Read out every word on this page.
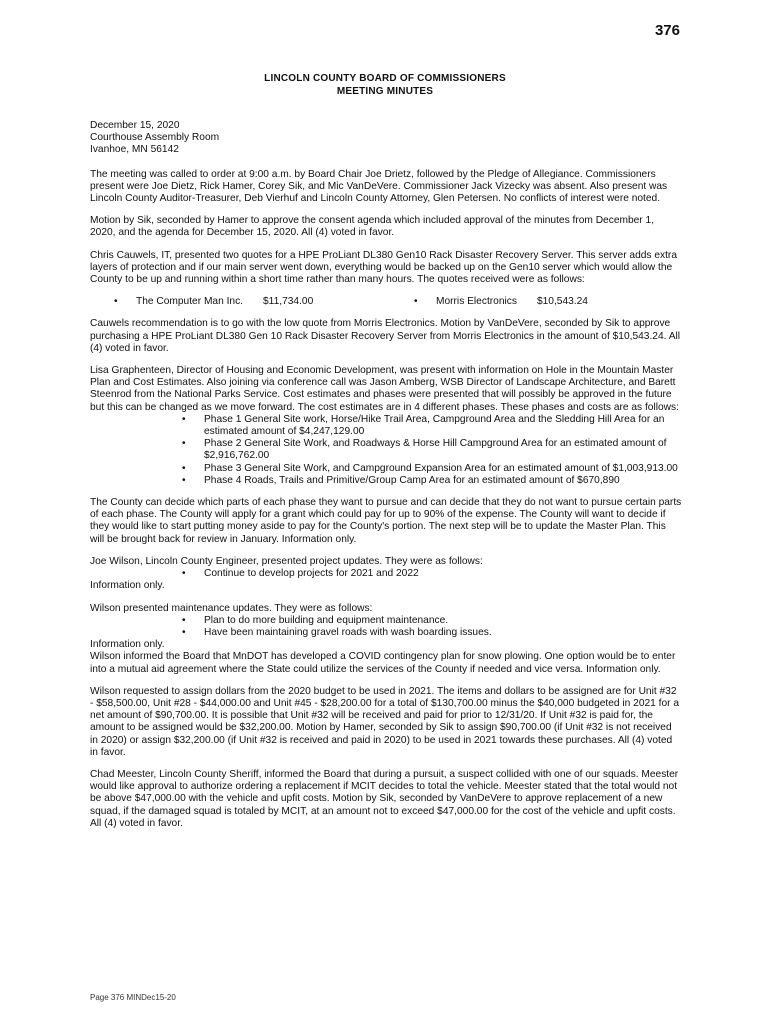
376
LINCOLN COUNTY BOARD OF COMMISSIONERS
MEETING MINUTES

December 15, 2020

Courthouse Assembly Room

Ivanhoe, MN 56142

The meeting was called to order at 9:00 a.m. by Board Chair Joe Drietz, followed by the Pledge of Allegiance. Commissioners present were Joe Dietz, Rick Hamer, Corey Sik, and Mic VanDeVere. Commissioner Jack Vizecky was absent. Also present was Lincoln County Auditor-Treasurer, Deb Vierhuf and Lincoln County Attorney, Glen Petersen. No conflicts of interest were noted.

Motion by Sik, seconded by Hamer to approve the consent agenda which included approval of the minutes from December 1, 2020, and the agenda for December 15, 2020. All (4) voted in favor.

Chris Cauwels, IT, presented two quotes for a HPE ProLiant DL380 Gen10 Rack Disaster Recovery Server. This server adds extra layers of protection and if our main server went down, everything would be backed up on the Gen10 server which would allow the County to be up and running within a short time rather than many hours. The quotes received were as follows:

•	The Computer Man Inc. $11,734.00	•	Morris Electronics $10,543.24

Cauwels recommendation is to go with the low quote from Morris Electronics. Motion by VanDeVere, seconded by Sik to approve purchasing a HPE ProLiant DL380 Gen 10 Rack Disaster Recovery Server from Morris Electronics in the amount of $10,543.24. All (4) voted in favor.

Lisa Graphenteen, Director of Housing and Economic Development, was present with information on Hole in the Mountain Master Plan and Cost Estimates. Also joining via conference call was Jason Amberg, WSB Director of Landscape Architecture, and Barett Steenrod from the National Parks Service. Cost estimates and phases were presented that will possibly be approved in the future but this can be changed as we move forward. The cost estimates are in 4 different phases. These phases and costs are as follows:

• Phase 1 General Site work, Horse/Hike Trail Area, Campground Area and the Sledding Hill Area for an estimated amount of $4,247,129.00
• Phase 2 General Site Work, and Roadways & Horse Hill Campground Area for an estimated amount of $2,916,762.00
• Phase 3 General Site Work, and Campground Expansion Area for an estimated amount of $1,003,913.00
• Phase 4 Roads, Trails and Primitive/Group Camp Area for an estimated amount of $670,890

The County can decide which parts of each phase they want to pursue and can decide that they do not want to pursue certain parts of each phase. The County will apply for a grant which could pay for up to 90% of the expense. The County will want to decide if they would like to start putting money aside to pay for the County's portion. The next step will be to update the Master Plan. This will be brought back for review in January. Information only.

Joe Wilson, Lincoln County Engineer, presented project updates. They were as follows:

• Continue to develop projects for 2021 and 2022

Information only.

Wilson presented maintenance updates. They were as follows:

• Plan to do more building and equipment maintenance.
• Have been maintaining gravel roads with wash boarding issues.

Information only.

Wilson informed the Board that MnDOT has developed a COVID contingency plan for snow plowing. One option would be to enter into a mutual aid agreement where the State could utilize the services of the County if needed and vice versa. Information only.

Wilson requested to assign dollars from the 2020 budget to be used in 2021. The items and dollars to be assigned are for Unit #32 - $58,500.00, Unit #28 - $44,000.00 and Unit #45 - $28,200.00 for a total of $130,700.00 minus the $40,000 budgeted in 2021 for a net amount of $90,700.00. It is possible that Unit #32 will be received and paid for prior to 12/31/20. If Unit #32 is paid for, the amount to be assigned would be $32,200.00. Motion by Hamer, seconded by Sik to assign $90,700.00 (if Unit #32 is not received in 2020) or assign $32,200.00 (if Unit #32 is received and paid in 2020) to be used in 2021 towards these purchases. All (4) voted in favor.

Chad Meester, Lincoln County Sheriff, informed the Board that during a pursuit, a suspect collided with one of our squads. Meester would like approval to authorize ordering a replacement if MCIT decides to total the vehicle. Meester stated that the total would not be above $47,000.00 with the vehicle and upfit costs. Motion by Sik, seconded by VanDeVere to approve replacement of a new squad, if the damaged squad is totaled by MCIT, at an amount not to exceed $47,000.00 for the cost of the vehicle and upfit costs. All (4) voted in favor.

Page 376 MINDec15-20
